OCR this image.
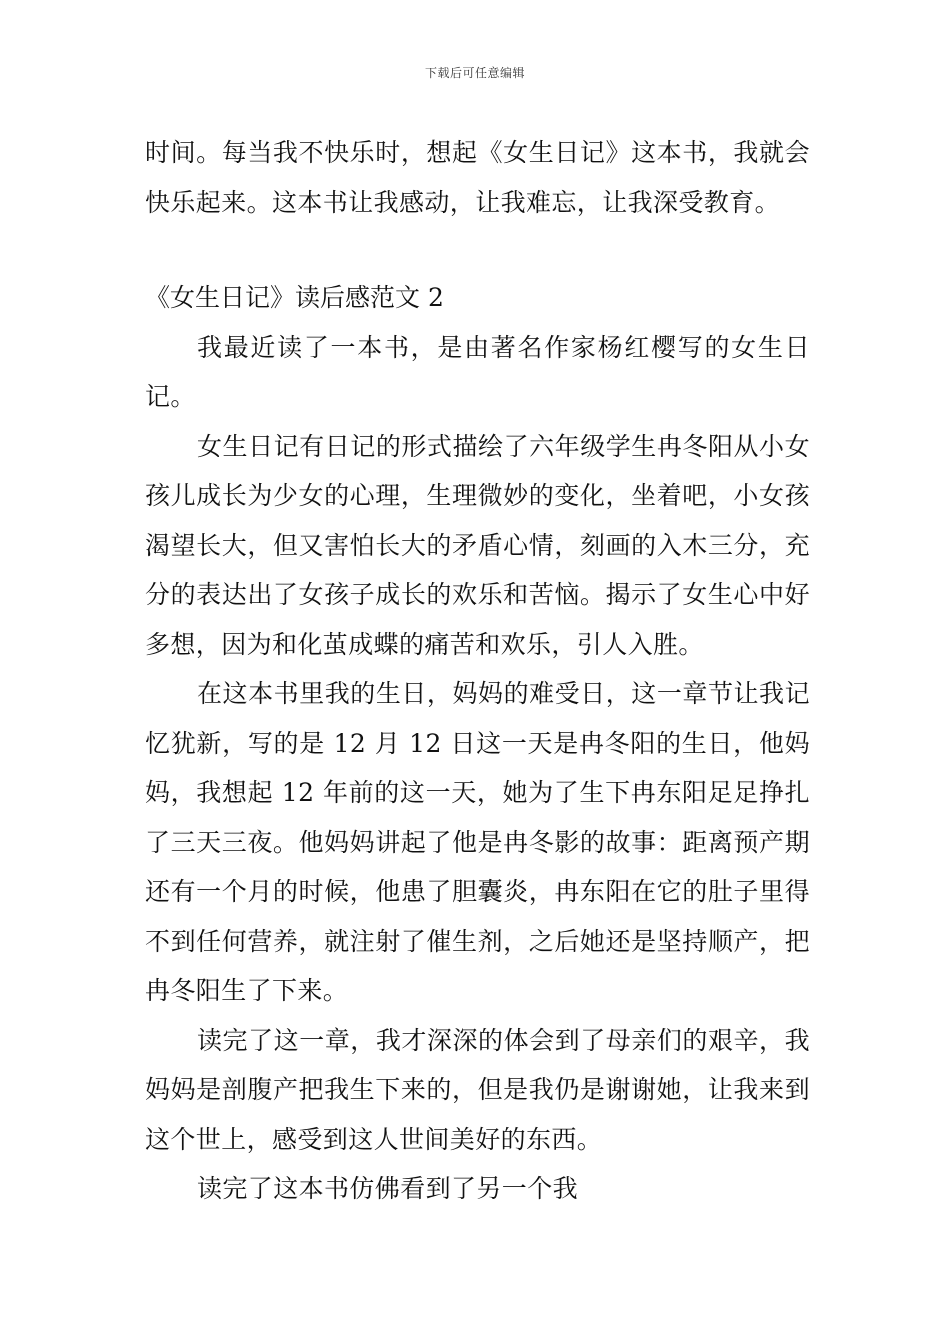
下载后可任意编辑

时间。每当我不快乐时，想起《女生日记》这本书，我就会快乐起来。这本书让我感动，让我难忘，让我深受教育。

《女生日记》读后感范文 2

我最近读了一本书，是由著名作家杨红樱写的女生日记。

女生日记有日记的形式描绘了六年级学生冉冬阳从小女孩儿成长为少女的心理，生理微妙的变化，坐着吧，小女孩渴望长大，但又害怕长大的矛盾心情，刻画的入木三分，充分的表达出了女孩子成长的欢乐和苦恼。揭示了女生心中好多想，因为和化茧成蝶的痛苦和欢乐，引人入胜。

在这本书里我的生日，妈妈的难受日，这一章节让我记忆犹新，写的是 12 月 12 日这一天是冉冬阳的生日，他妈妈，我想起 12 年前的这一天，她为了生下冉东阳足足挣扎了三天三夜。他妈妈讲起了他是冉冬影的故事：距离预产期还有一个月的时候，他患了胆囊炎，冉东阳在它的肚子里得不到任何营养，就注射了催生剂，之后她还是坚持顺产，把冉冬阳生了下来。

读完了这一章，我才深深的体会到了母亲们的艰辛，我妈妈是剖腹产把我生下来的，但是我仍是谢谢她，让我来到这个世上，感受到这人世间美好的东西。

读完了这本书仿佛看到了另一个我
